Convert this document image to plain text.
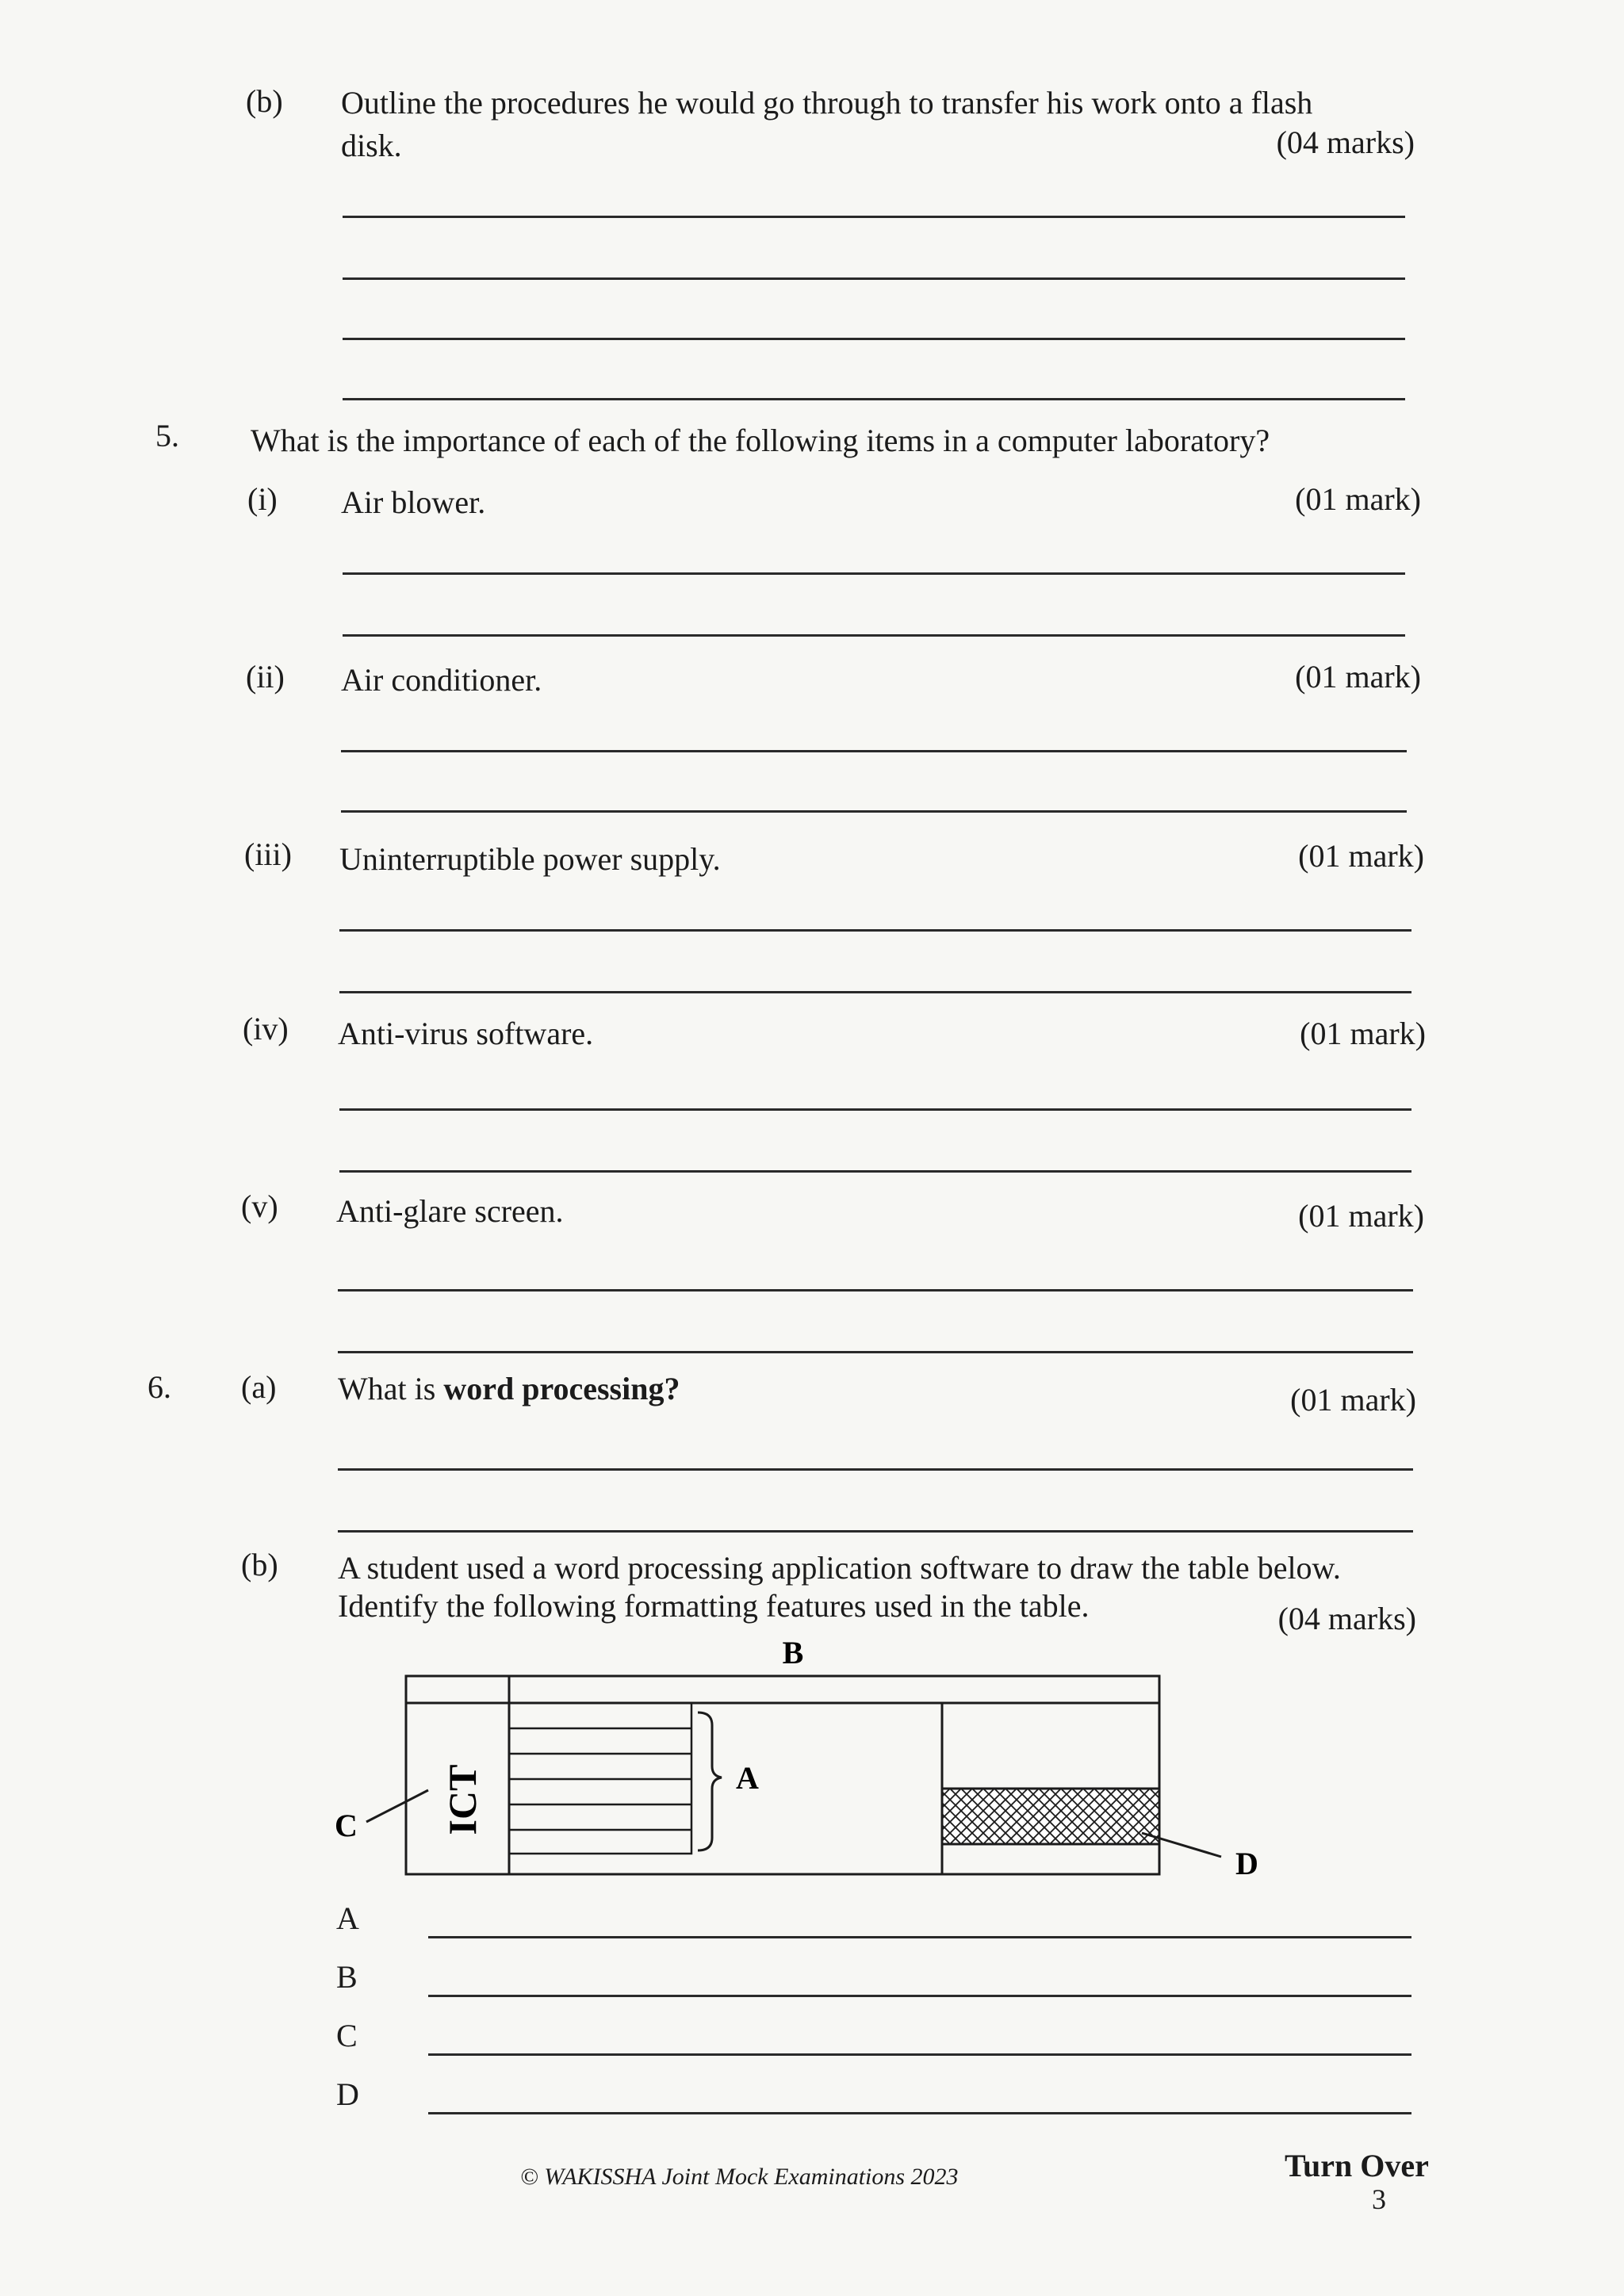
(b) Outline the procedures he would go through to transfer his work onto a flash
disk.	(04 marks)
5. What is the importance of each of the following items in a computer laboratory?
(i) Air blower.	(01 mark)
(ii) Air conditioner.	(01 mark)
(iii) Uninterruptible power supply.	(01 mark)
(iv) Anti-virus software.	(01 mark)
(v) Anti-glare screen.	(01 mark)
6. (a) What is word processing?	(01 mark)
(b) A student used a word processing application software to draw the table below.
Identify the following formatting features used in the table.	(04 marks)
B
A
D
ICT
C
A
B
C
D
© WAKISSHA Joint Mock Examinations 2023	Turn Over
3
